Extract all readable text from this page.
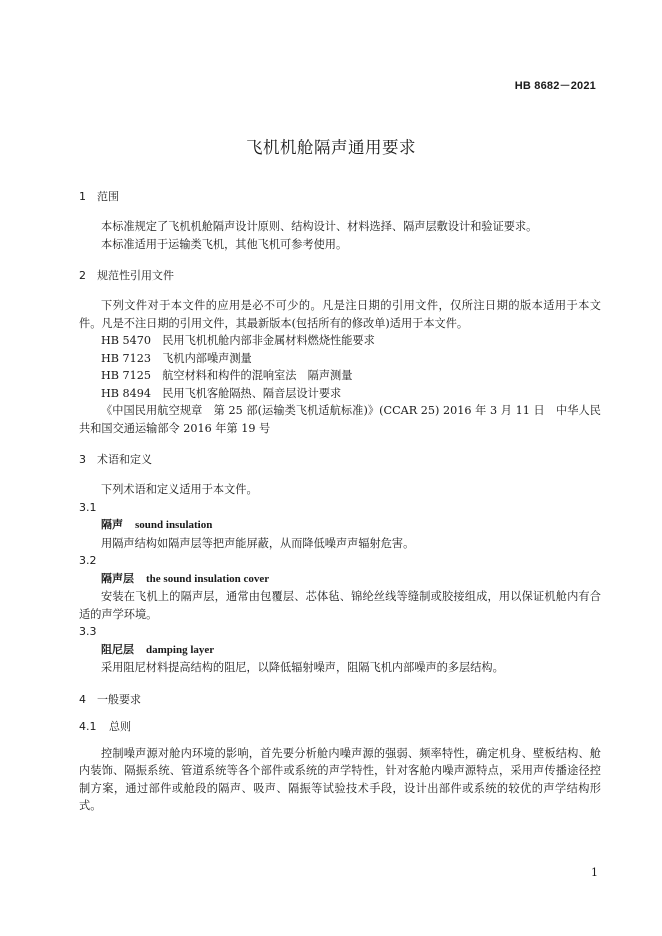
HB 8682－2021
飞机机舱隔声通用要求
1 范围

本标准规定了飞机机舱隔声设计原则、结构设计、材料选择、隔声层敷设计和验证要求。

本标准适用于运输类飞机，其他飞机可参考使用。

2 规范性引用文件

下列文件对于本文件的应用是必不可少的。凡是注日期的引用文件，仅所注日期的版本适用于本文件。凡是不注日期的引用文件，其最新版本(包括所有的修改单)适用于本文件。

HB 5470　民用飞机机舱内部非金属材料燃烧性能要求

HB 7123　飞机内部噪声测量

HB 7125　航空材料和构件的混响室法　隔声测量

HB 8494　民用飞机客舱隔热、隔音层设计要求

《中国民用航空规章　第 25 部(运输类飞机适航标准)》(CCAR 25) 2016 年 3 月 11 日　中华人民共和国交通运输部令 2016 年第 19 号

3 术语和定义

下列术语和定义适用于本文件。

3.1

隔声 sound insulation

用隔声结构如隔声层等把声能屏蔽，从而降低噪声声辐射危害。

3.2

隔声层 the sound insulation cover

安装在飞机上的隔声层，通常由包覆层、芯体毡、锦纶丝线等缝制或胶接组成，用以保证机舱内有合适的声学环境。

3.3

阻尼层 damping layer

采用阻尼材料提高结构的阻尼，以降低辐射噪声，阻隔飞机内部噪声的多层结构。

4 一般要求
4.1 总则

控制噪声源对舱内环境的影响，首先要分析舱内噪声源的强弱、频率特性，确定机身、壁板结构、舱内装饰、隔振系统、管道系统等各个部件或系统的声学特性，针对客舱内噪声源特点，采用声传播途径控制方案，通过部件或舱段的隔声、吸声、隔振等试验技术手段，设计出部件或系统的较优的声学结构形式。

1
